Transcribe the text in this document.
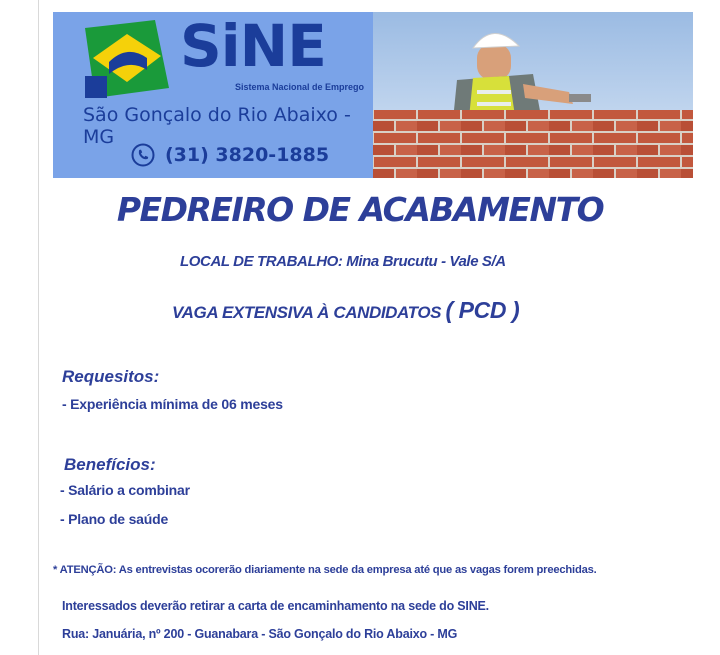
SiNE
Sistema Nacional de Emprego
São Gonçalo do Rio Abaixo - MG
(31) 3820-1885
PEDREIRO DE ACABAMENTO
LOCAL DE TRABALHO: Mina Brucutu - Vale S/A
VAGA EXTENSIVA À CANDIDATOS ( PCD )
Requesitos:
- Experiência mínima de 06 meses
Benefícios:
- Salário a combinar
- Plano de saúde
* ATENÇÃO: As entrevistas ocorerão diariamente na sede da empresa até que as vagas forem preechidas.
Interessados deverão retirar a carta de encaminhamento na sede do SINE.
Rua: Januária, nº 200 - Guanabara - São Gonçalo do Rio Abaixo - MG
